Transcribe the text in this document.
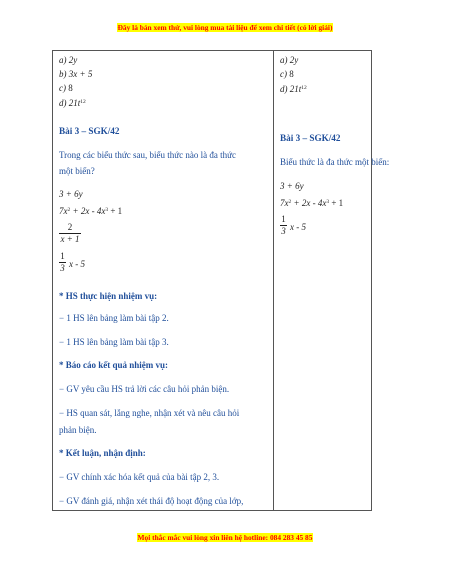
Đây là bản xem thử, vui lòng mua tài liệu để xem chi tiết (có lời giải)
a) 2y
b) 3x + 5
c) 8
d) $21t^{12}$
Bài 3 – SGK/42
Trong các biểu thức sau, biểu thức nào là đa thức
một biến?
3 + 6y
$7x^2 + 2x - 4x^3 + 1$
2
x + 1
1
3 x - 5
* HS thực hiện nhiệm vụ:
− 1 HS lên bảng làm bài tập 2.
− 1 HS lên bảng làm bài tập 3.
* Báo cáo kết quả nhiệm vụ:
− GV yêu cầu HS trả lời các câu hỏi phản biện.
− HS quan sát, lắng nghe, nhận xét và nêu câu hỏi
phản biện.
* Kết luận, nhận định:
− GV chính xác hóa kết quả của bài tập 2, 3.
− GV đánh giá, nhận xét thái độ hoạt động của lớp,
a) 2y
c) 8
d) $21t^{12}$
Bài 3 – SGK/42
Biểu thức là đa thức một biến:
3 + 6y
$7x^2 + 2x - 4x^3 + 1$
1
3 x - 5
Mọi thắc mắc vui lòng xin liên hệ hotline: 084 283 45 85
